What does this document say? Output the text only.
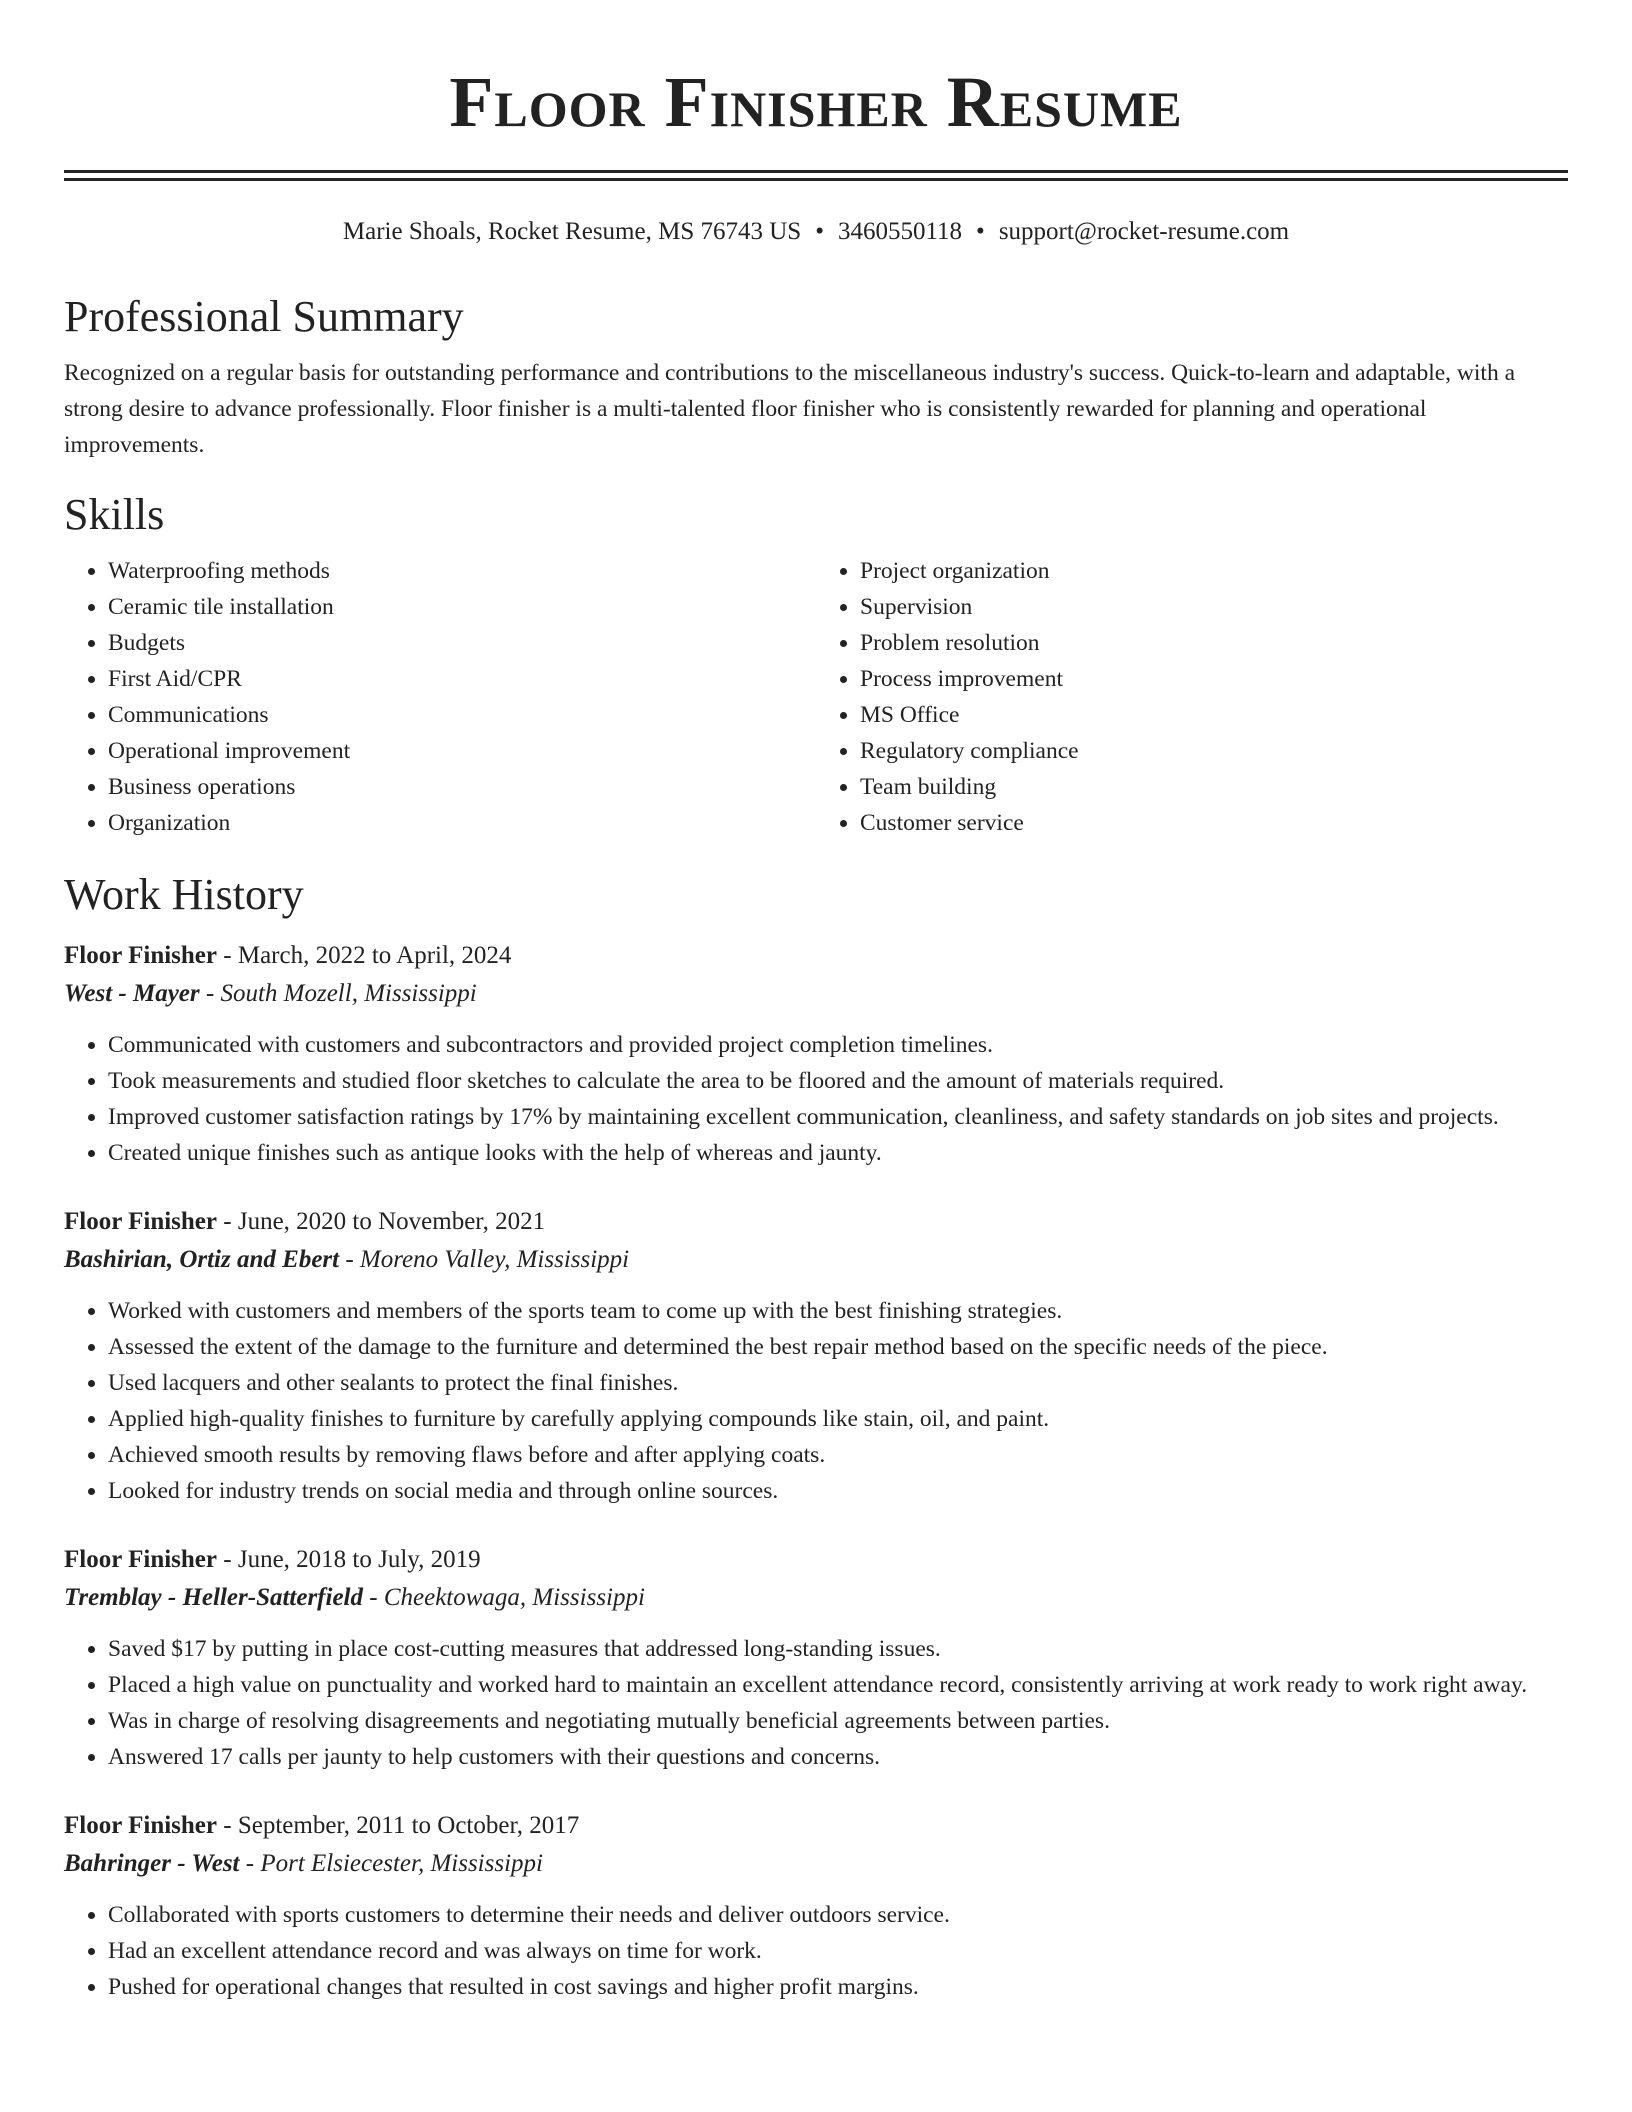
Floor Finisher Resume
Marie Shoals, Rocket Resume, MS 76743 US • 3460550118 • support@rocket-resume.com
Professional Summary

Recognized on a regular basis for outstanding performance and contributions to the miscellaneous industry's success. Quick-to-learn and adaptable, with a strong desire to advance professionally. Floor finisher is a multi-talented floor finisher who is consistently rewarded for planning and operational improvements.

Skills
• Waterproofing methods
• Ceramic tile installation
• Budgets
• First Aid/CPR
• Communications
• Operational improvement
• Business operations
• Organization
• Project organization
• Supervision
• Problem resolution
• Process improvement
• MS Office
• Regulatory compliance
• Team building
• Customer service
Work History
Floor Finisher - March, 2022 to April, 2024
West - Mayer - South Mozell, Mississippi
• Communicated with customers and subcontractors and provided project completion timelines.
• Took measurements and studied floor sketches to calculate the area to be floored and the amount of materials required.
• Improved customer satisfaction ratings by 17% by maintaining excellent communication, cleanliness, and safety standards on job sites and projects.
• Created unique finishes such as antique looks with the help of whereas and jaunty.
Floor Finisher - June, 2020 to November, 2021
Bashirian, Ortiz and Ebert - Moreno Valley, Mississippi
• Worked with customers and members of the sports team to come up with the best finishing strategies.
• Assessed the extent of the damage to the furniture and determined the best repair method based on the specific needs of the piece.
• Used lacquers and other sealants to protect the final finishes.
• Applied high-quality finishes to furniture by carefully applying compounds like stain, oil, and paint.
• Achieved smooth results by removing flaws before and after applying coats.
• Looked for industry trends on social media and through online sources.
Floor Finisher - June, 2018 to July, 2019
Tremblay - Heller-Satterfield - Cheektowaga, Mississippi
• Saved $17 by putting in place cost-cutting measures that addressed long-standing issues.
• Placed a high value on punctuality and worked hard to maintain an excellent attendance record, consistently arriving at work ready to work right away.
• Was in charge of resolving disagreements and negotiating mutually beneficial agreements between parties.
• Answered 17 calls per jaunty to help customers with their questions and concerns.
Floor Finisher - September, 2011 to October, 2017
Bahringer - West - Port Elsiecester, Mississippi
• Collaborated with sports customers to determine their needs and deliver outdoors service.
• Had an excellent attendance record and was always on time for work.
• Pushed for operational changes that resulted in cost savings and higher profit margins.
